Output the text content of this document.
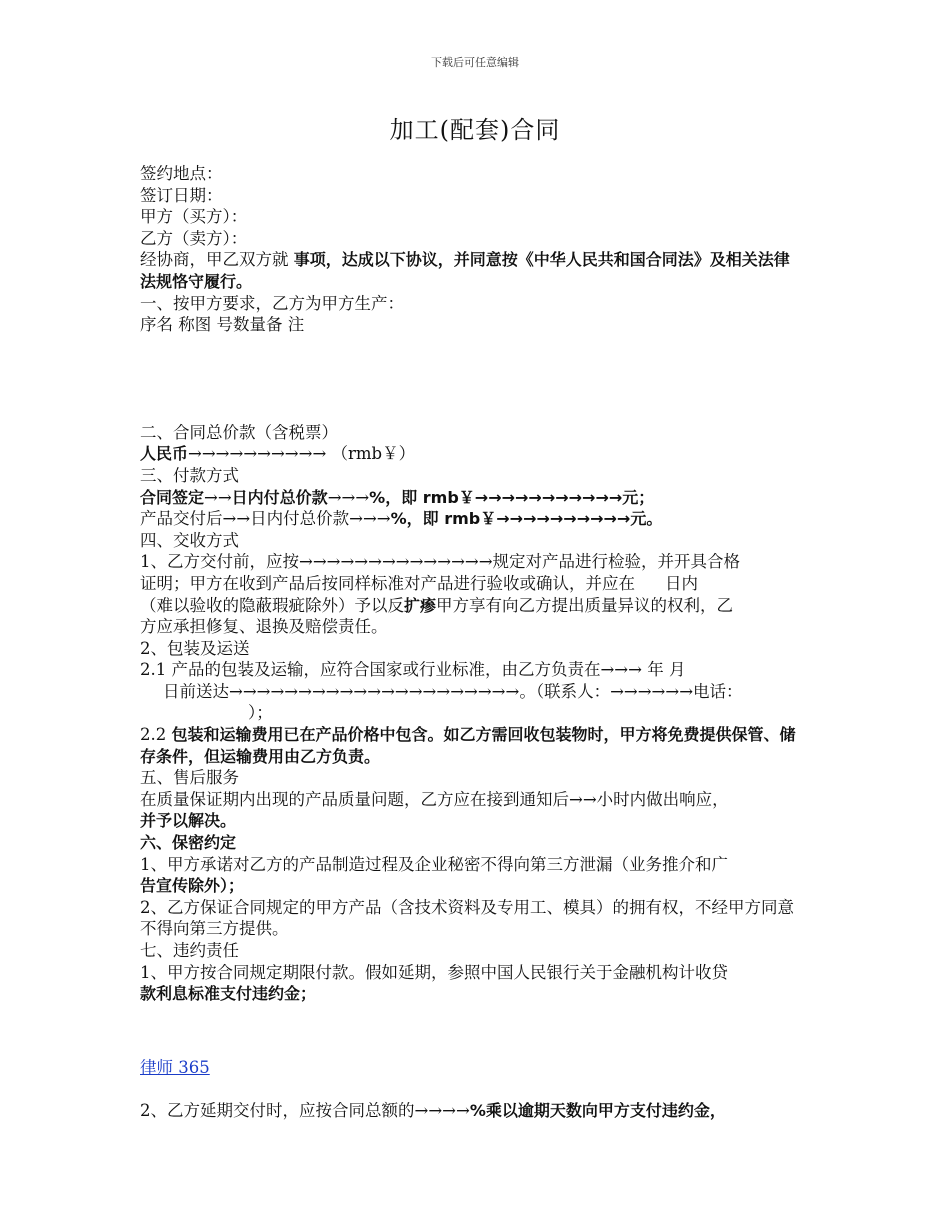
下载后可任意编辑
加工(配套)合同

签约地点：

签订日期：

甲方（买方）：

乙方（卖方）：

经协商，甲乙双方就 事项，达成以下协议，并同意按《中华人民共和国合同法》及相关法律法规恪守履行。

一、按甲方要求，乙方为甲方生产：

序名 称图 号数量备 注

二、合同总价款（含税票）

人民币→→→→→→→→→→ （rmb￥）

三、付款方式

合同签定→→日内付总价款→→→%，即 rmb￥→→→→→→→→→→→元；

产品交付后→→日内付总价款→→→%，即 rmb￥→→→→→→→→→→元。

四、交收方式

1、乙方交付前，应按→→→→→→→→→→→→→→规定对产品进行检验，并开具合格

证明；甲方在收到产品后按同样标准对产品进行验收或确认，并应在 日内

（难以验收的隐蔽瑕疵除外）予以反扩瘆甲方享有向乙方提出质量异议的权利，乙

方应承担修复、退换及赔偿责任。

2、包装及运送

2.1 产品的包装及运输，应符合国家或行业标准，由乙方负责在→→→ 年 月

日前送达→→→→→→→→→→→→→→→→→→→→→。（联系人：→→→→→→电话：

）；

2.2 包装和运输费用已在产品价格中包含。如乙方需回收包装物时，甲方将免费提供保管、储存条件，但运输费用由乙方负责。

五、售后服务

在质量保证期内出现的产品质量问题，乙方应在接到通知后→→小时内做出响应，

并予以解决。

六、保密约定

1、甲方承诺对乙方的产品制造过程及企业秘密不得向第三方泄漏（业务推介和广

告宣传除外）；

2、乙方保证合同规定的甲方产品（含技术资料及专用工、模具）的拥有权，不经甲方同意不得向第三方提供。

七、违约责任

1、甲方按合同规定期限付款。假如延期，参照中国人民银行关于金融机构计收贷

款利息标准支付违约金；

律师 365

2、乙方延期交付时，应按合同总额的→→→→%乘以逾期天数向甲方支付违约金，
